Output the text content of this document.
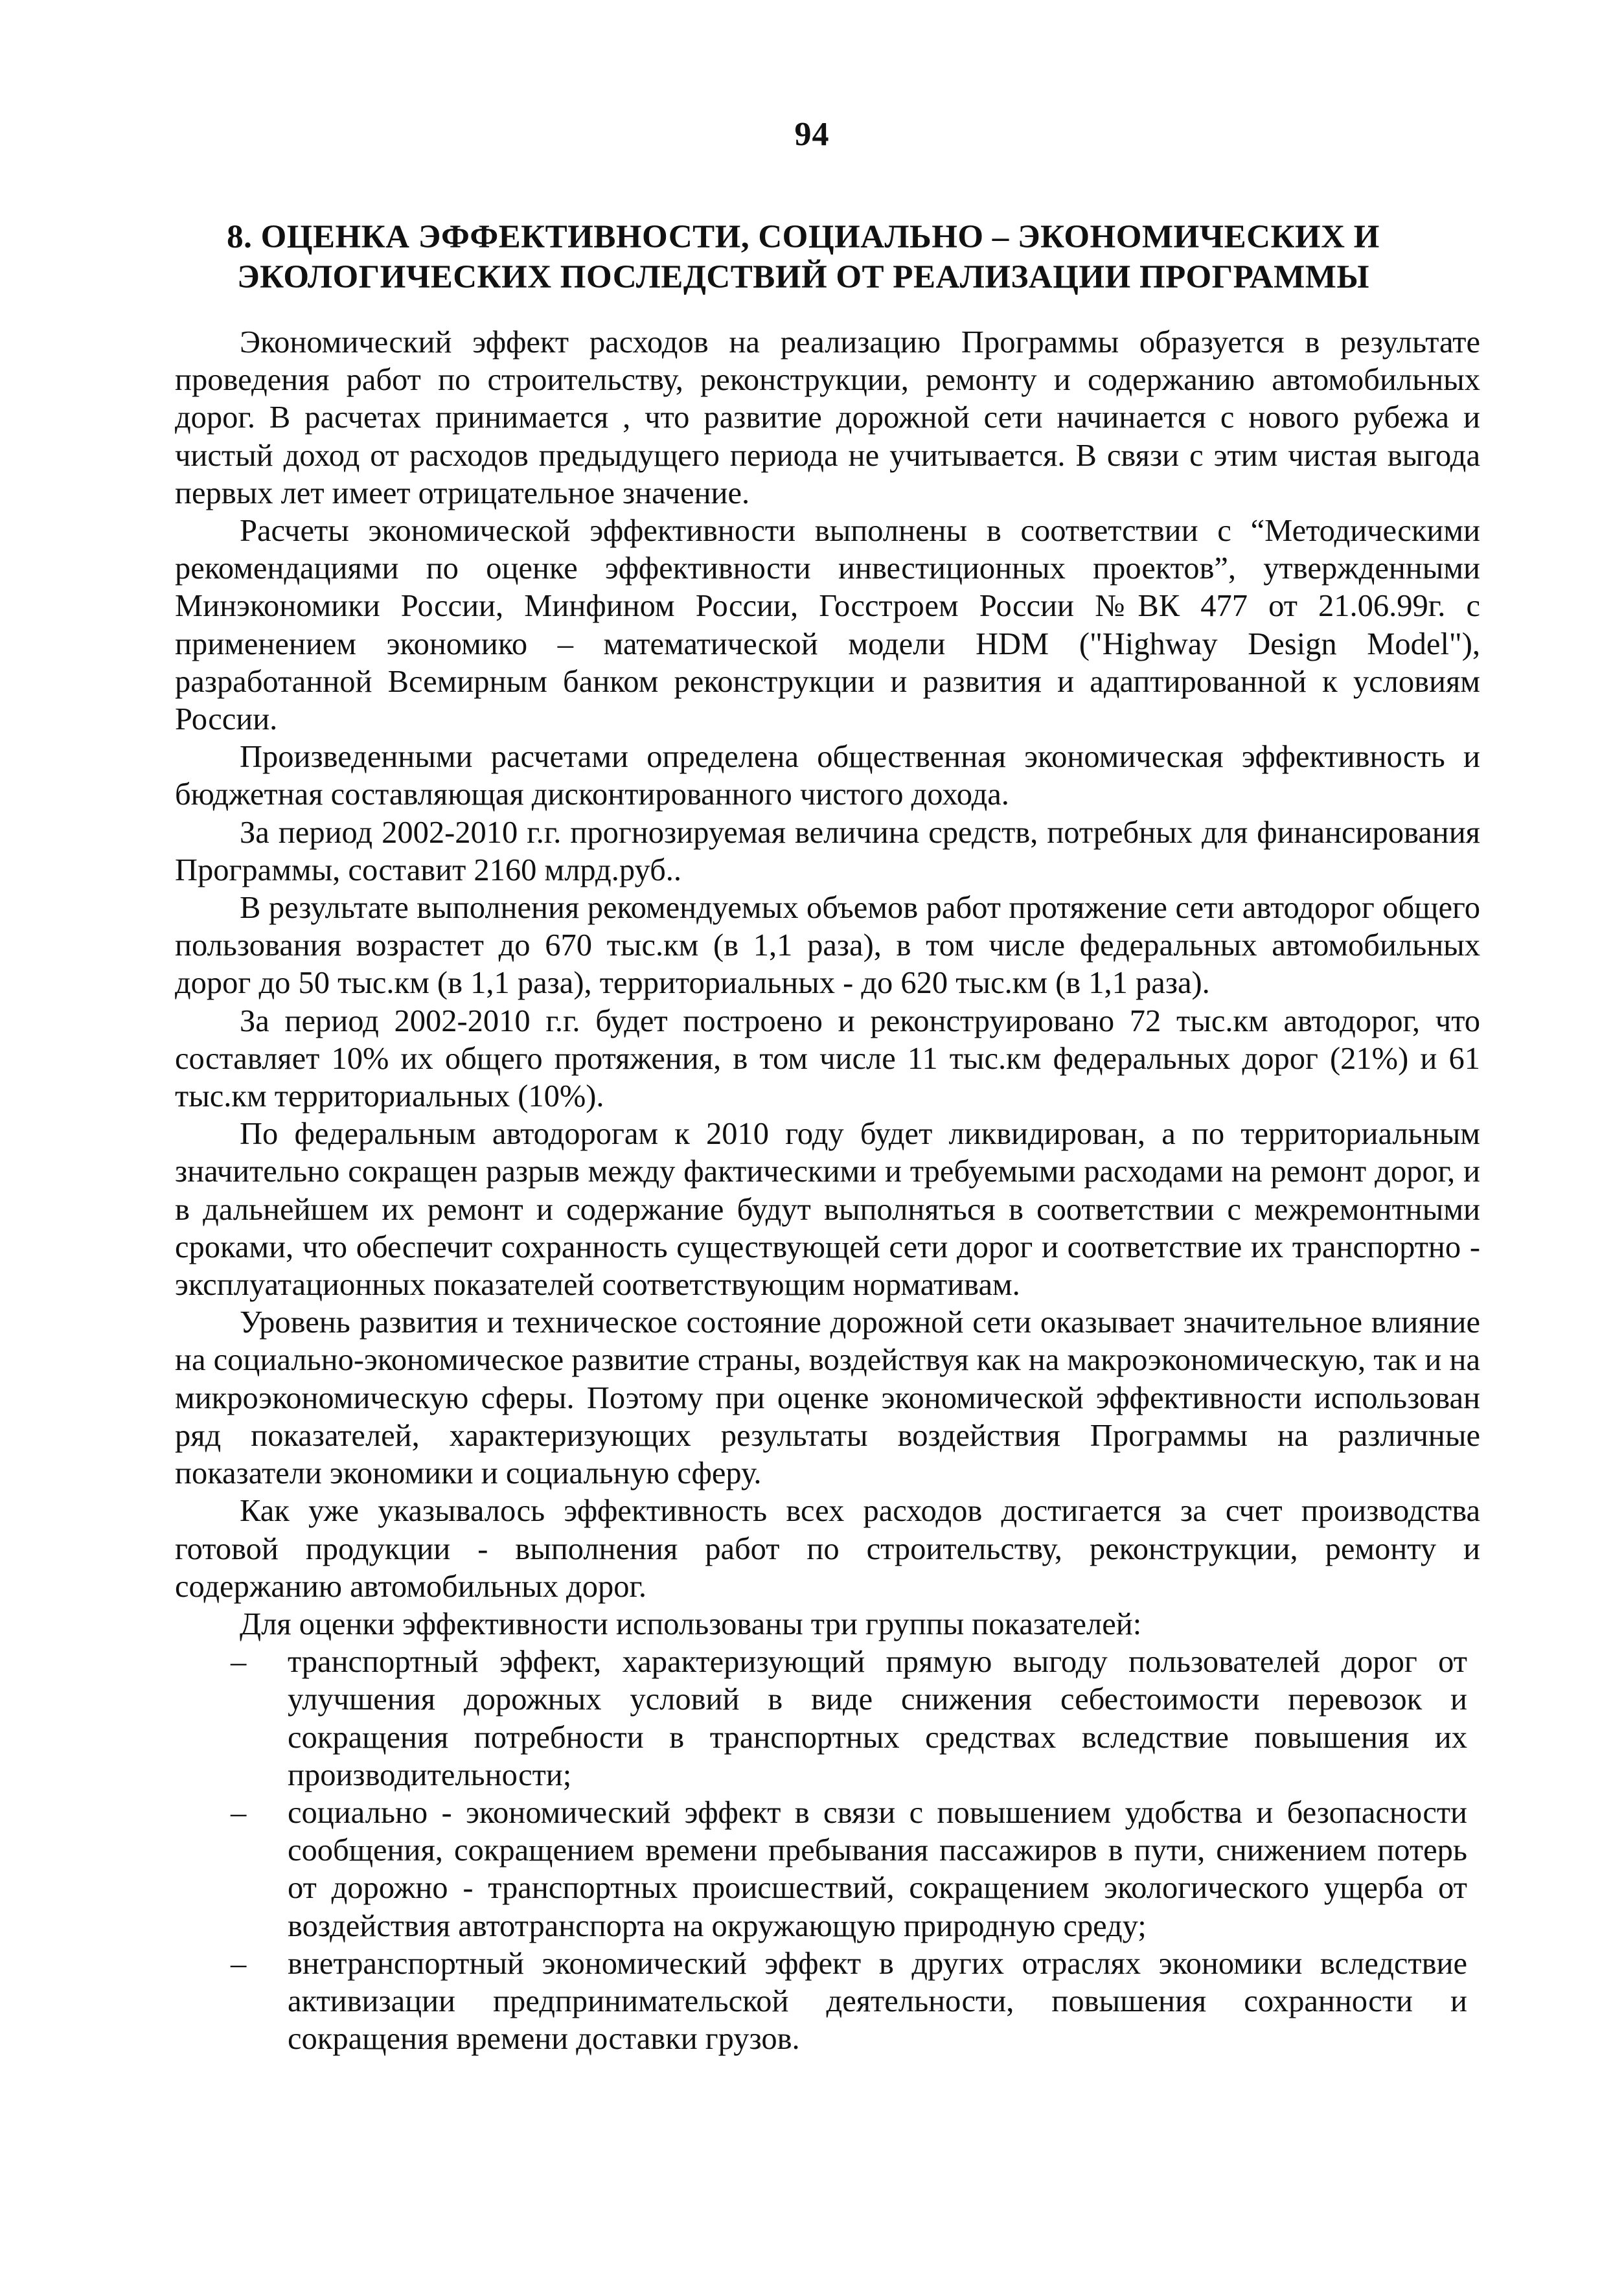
94
8. ОЦЕНКА ЭФФЕКТИВНОСТИ, СОЦИАЛЬНО – ЭКОНОМИЧЕСКИХ И
ЭКОЛОГИЧЕСКИХ ПОСЛЕДСТВИЙ ОТ РЕАЛИЗАЦИИ ПРОГРАММЫ

Экономический эффект расходов на реализацию Программы образуется в результате проведения работ по строительству, реконструкции, ремонту и содержанию автомобильных дорог. В расчетах принимается , что развитие дорожной сети начинается с нового рубежа и чистый доход от расходов предыдущего периода не учитывается. В связи с этим чистая выгода первых лет имеет отрицательное значение.

Расчеты экономической эффективности выполнены в соответствии с “Методическими рекомендациями по оценке эффективности инвестиционных проектов”, утвержденными Минэкономики России, Минфином России, Госстроем России №ВК 477 от 21.06.99г. с применением экономико – математической модели HDM ("Highway Design Model"), разработанной Всемирным банком реконструкции и развития и адаптированной к условиям России.

Произведенными расчетами определена общественная экономическая эффективность и бюджетная составляющая дисконтированного чистого дохода.

За период 2002-2010 г.г. прогнозируемая величина средств, потребных для финансирования Программы, составит 2160 млрд.руб..

В результате выполнения рекомендуемых объемов работ протяжение сети автодорог общего пользования возрастет до 670 тыс.км (в 1,1 раза), в том числе федеральных автомобильных дорог до 50 тыс.км (в 1,1 раза), территориальных - до 620 тыс.км (в 1,1 раза).

За период 2002-2010 г.г. будет построено и реконструировано 72 тыс.км автодорог, что составляет 10% их общего протяжения, в том числе 11 тыс.км федеральных дорог (21%) и 61 тыс.км территориальных (10%).

По федеральным автодорогам к 2010 году будет ликвидирован, а по территориальным значительно сокращен разрыв между фактическими и требуемыми расходами на ремонт дорог, и в дальнейшем их ремонт и содержание будут выполняться в соответствии с межремонтными сроками, что обеспечит сохранность существующей сети дорог и соответствие их транспортно - эксплуатационных показателей соответствующим нормативам.

Уровень развития и техническое состояние дорожной сети оказывает значительное влияние на социально-экономическое развитие страны, воздействуя как на макроэкономическую, так и на микроэкономическую сферы. Поэтому при оценке экономической эффективности использован ряд показателей, характеризующих результаты воздействия Программы на различные показатели экономики и социальную сферу.

Как уже указывалось эффективность всех расходов достигается за счет производства готовой продукции - выполнения работ по строительству, реконструкции, ремонту и содержанию автомобильных дорог.

Для оценки эффективности использованы три группы показателей:

–	транспортный эффект, характеризующий прямую выгоду пользователей дорог от улучшения дорожных условий в виде снижения себестоимости перевозок и сокращения потребности в транспортных средствах вследствие повышения их производительности;
–	социально - экономический эффект в связи с повышением удобства и безопасности сообщения, сокращением времени пребывания пассажиров в пути, снижением потерь от дорожно - транспортных происшествий, сокращением экологического ущерба от воздействия автотранспорта на окружающую природную среду;
–	внетранспортный экономический эффект в других отраслях экономики вследствие активизации предпринимательской деятельности, повышения сохранности и сокращения времени доставки грузов.
